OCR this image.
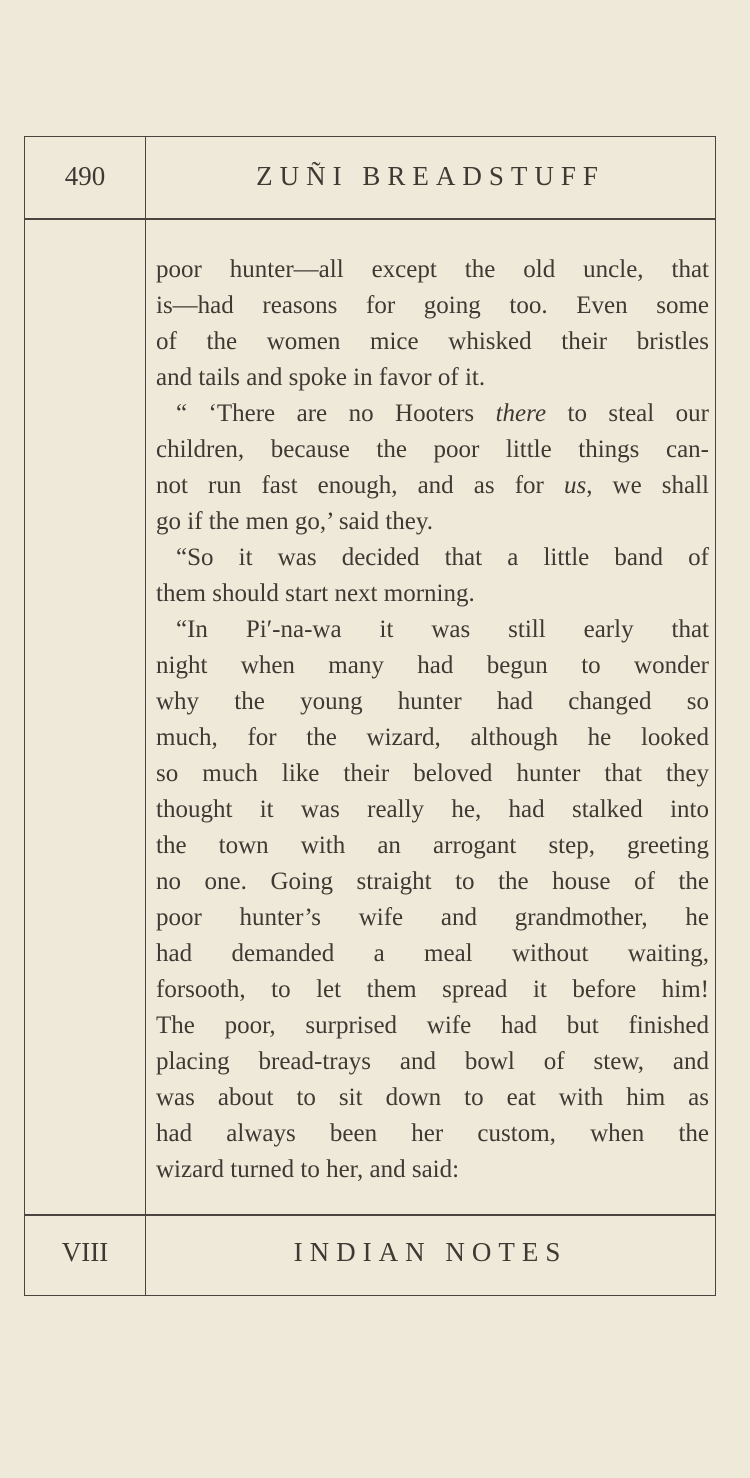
490	ZUÑI BREADSTUFF
poor hunter—all except the old uncle, that
is—had reasons for going too. Even some
of the women mice whisked their bristles
and tails and spoke in favor of it.
“ ‘There are no Hooters there to steal our
children, because the poor little things can-
not run fast enough, and as for us, we shall
go if the men go,’ said they.
“So it was decided that a little band of
them should start next morning.
“In Pi′-na-wa it was still early that
night when many had begun to wonder
why the young hunter had changed so
much, for the wizard, although he looked
so much like their beloved hunter that they
thought it was really he, had stalked into
the town with an arrogant step, greeting
no one. Going straight to the house of the
poor hunter’s wife and grandmother, he
had demanded a meal without waiting,
forsooth, to let them spread it before him!
The poor, surprised wife had but finished
placing bread-trays and bowl of stew, and
was about to sit down to eat with him as
had always been her custom, when the
wizard turned to her, and said:
VIII	INDIAN NOTES
